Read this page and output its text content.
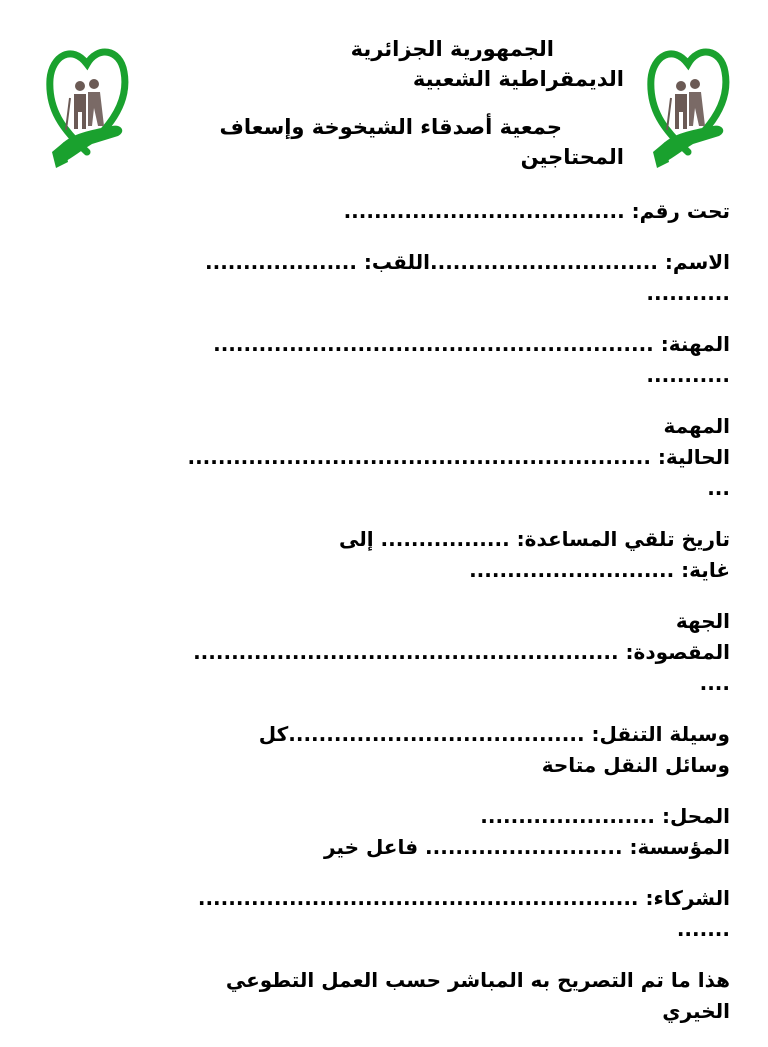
الجمهورية الجزائرية
الديمقراطية الشعبية
جمعية أصدقاء الشيخوخة وإسعاف
المحتاجين
تحت رقم: .....................................
الاسم: ..............................اللقب: ....................
...........
المهنة: ..........................................................
...........
المهمة
الحالية: .............................................................
...
تاريخ تلقي المساعدة: ................. إلى
غاية: ...........................
الجهة
المقصودة: ........................................................
....
وسيلة التنقل: .......................................كل
وسائل النقل متاحة
المحل: .......................
المؤسسة: .......................... فاعل خير
الشركاء: ..........................................................
.......
هذا ما تم التصريح به المباشر حسب العمل التطوعي
الخيري
